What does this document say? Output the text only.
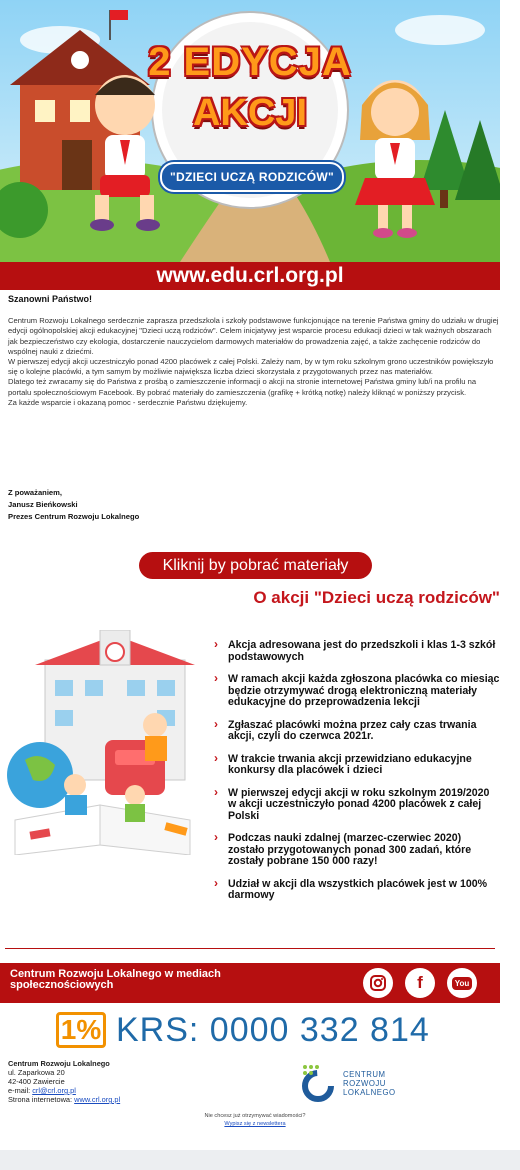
2 EDYCJA
AKCJI
"DZIECI UCZĄ RODZICÓW"
www.edu.crl.org.pl
Szanowni Państwo!

Centrum Rozwoju Lokalnego serdecznie zaprasza przedszkola i szkoły podstawowe funkcjonujące na terenie Państwa gminy do udziału w drugiej edycji ogólnopolskiej akcji edukacyjnej "Dzieci uczą rodziców". Celem inicjatywy jest wsparcie procesu edukacji dzieci w tak ważnych obszarach jak bezpieczeństwo czy ekologia, dostarczenie nauczycielom darmowych materiałów do prowadzenia zajęć, a także zachęcenie rodziców do wspólnej nauki z dziećmi.

W pierwszej edycji akcji uczestniczyło ponad 4200 placówek z całej Polski. Zależy nam, by w tym roku szkolnym grono uczestników powiększyło się o kolejne placówki, a tym samym by możliwie największa liczba dzieci skorzystała z przygotowanych przez nas materiałów.

Dlatego też zwracamy się do Państwa z prośbą o zamieszczenie informacji o akcji na stronie internetowej Państwa gminy lub/i na profilu na portalu społecznościowym Facebook. By pobrać materiały do zamieszczenia (grafikę + krótką notkę) należy kliknąć w poniższy przycisk.

Za każde wsparcie i okazaną pomoc - serdecznie Państwu dziękujemy.

Z poważaniem,
Janusz Bieńkowski
Prezes Centrum Rozwoju Lokalnego
Kliknij by pobrać materiały
O akcji "Dzieci uczą rodziców"
› Akcja adresowana jest do przedszkoli i klas 1-3 szkół podstawowych
› W ramach akcji każda zgłoszona placówka co miesiąc będzie otrzymywać drogą elektroniczną materiały edukacyjne do przeprowadzenia lekcji
› Zgłaszać placówki można przez cały czas trwania akcji, czyli do czerwca 2021r.
› W trakcie trwania akcji przewidziano edukacyjne konkursy dla placówek i dzieci
› W pierwszej edycji akcji w roku szkolnym 2019/2020 w akcji uczestniczyło ponad 4200 placówek z całej Polski
› Podczas nauki zdalnej (marzec-czerwiec 2020) zostało przygotowanych ponad 300 zadań, które zostały pobrane 150 000 razy!
› Udział w akcji dla wszystkich placówek jest w 100% darmowy
Centrum Rozwoju Lokalnego w mediach społecznościowych	f	You
1% KRS: 0000 332 814
Centrum Rozwoju Lokalnego
ul. Zaparkowa 20
42-400 Zawiercie
e-mail: crl@crl.org.pl
Strona internetowa: www.crl.org.pl
CENTRUM
ROZWOJU
LOKALNEGO
Nie chcesz już otrzymywać wiadomości?
Wypisz się z newslettera
